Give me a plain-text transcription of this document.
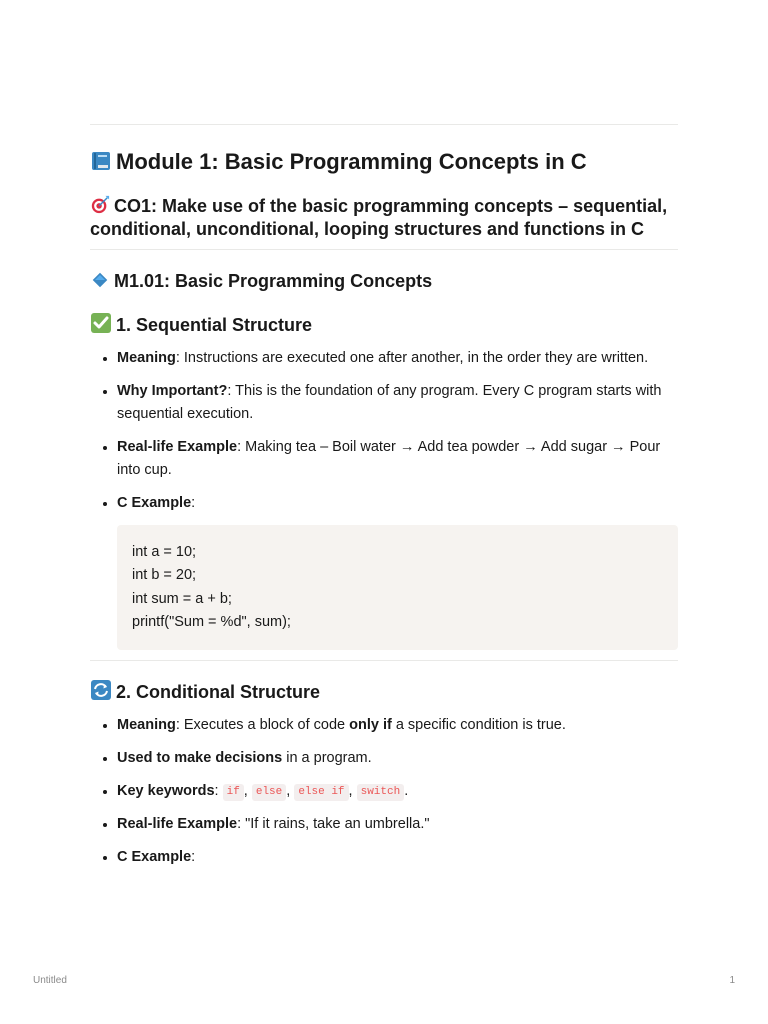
Module 1: Basic Programming Concepts in C
CO1: Make use of the basic programming concepts – sequential, conditional, unconditional, looping structures and functions in C
M1.01: Basic Programming Concepts
1. Sequential Structure
• Meaning: Instructions are executed one after another, in the order they are written.
• Why Important?: This is the foundation of any program. Every C program starts with sequential execution.
• Real-life Example: Making tea – Boil water → Add tea powder → Add sugar → Pour into cup.
• C Example:
int a = 10;
int b = 20;
int sum = a + b;
printf("Sum = %d", sum);
2. Conditional Structure
• Meaning: Executes a block of code only if a specific condition is true.
• Used to make decisions in a program.
• Key keywords: if , else , else if , switch .
• Real-life Example: "If it rains, take an umbrella."
• C Example:
Untitled	1
